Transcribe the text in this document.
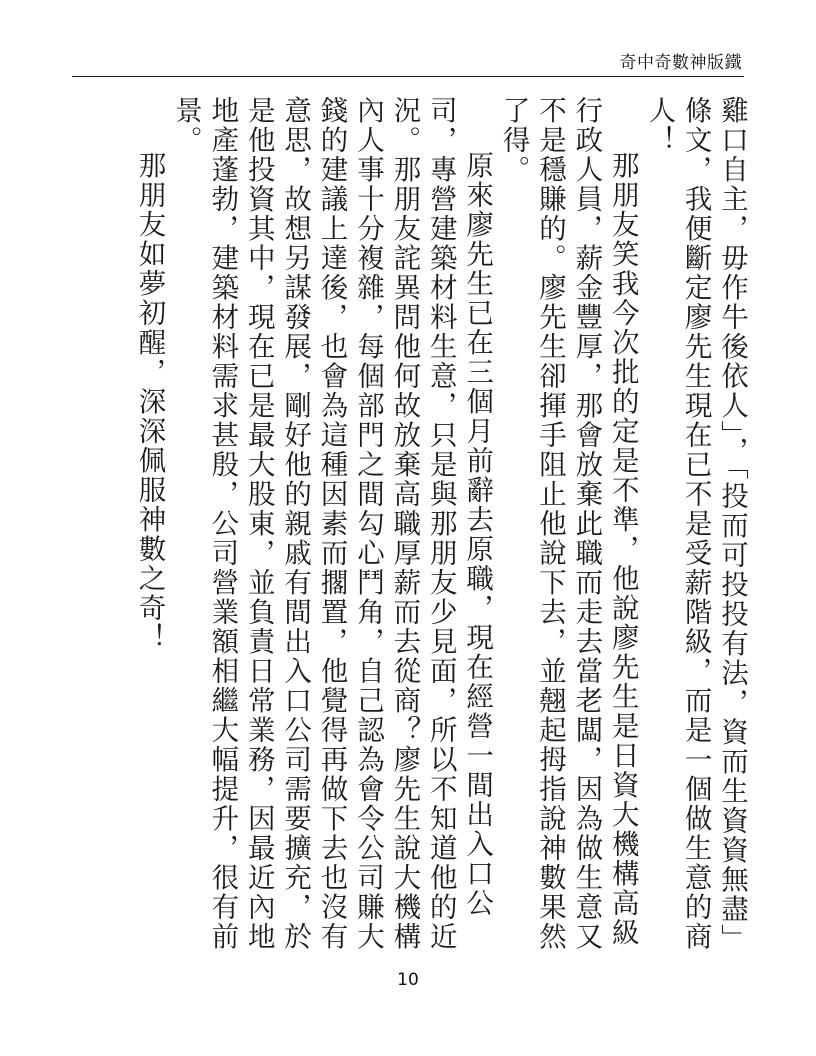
奇中奇數神版鐵

雞口自主，毋作牛後依人」，「投而可投投有法，資而生資資無盡」條文，我便斷定廖先生現在已不是受薪階級，而是一個做生意的商人！

那朋友笑我今次批的定是不準，他說廖先生是日資大機構高級行政人員，薪金豐厚，那會放棄此職而走去當老闆，因為做生意又不是穩賺的。廖先生卻揮手阻止他說下去，並翹起拇指說神數果然了得。

原來廖先生已在三個月前辭去原職，現在經營一間出入口公司，專營建築材料生意，只是與那朋友少見面，所以不知道他的近況。那朋友詫異問他何故放棄高職厚薪而去從商？廖先生說大機構內人事十分複雜，每個部門之間勾心鬥角，自己認為會令公司賺大錢的建議上達後，也會為這種因素而擱置，他覺得再做下去也沒有意思，故想另謀發展，剛好他的親戚有間出入口公司需要擴充，於是他投資其中，現在已是最大股東，並負責日常業務，因最近內地地產蓬勃，建築材料需求甚殷，公司營業額相繼大幅提升，很有前景。

那朋友如夢初醒，深深佩服神數之奇！

10
